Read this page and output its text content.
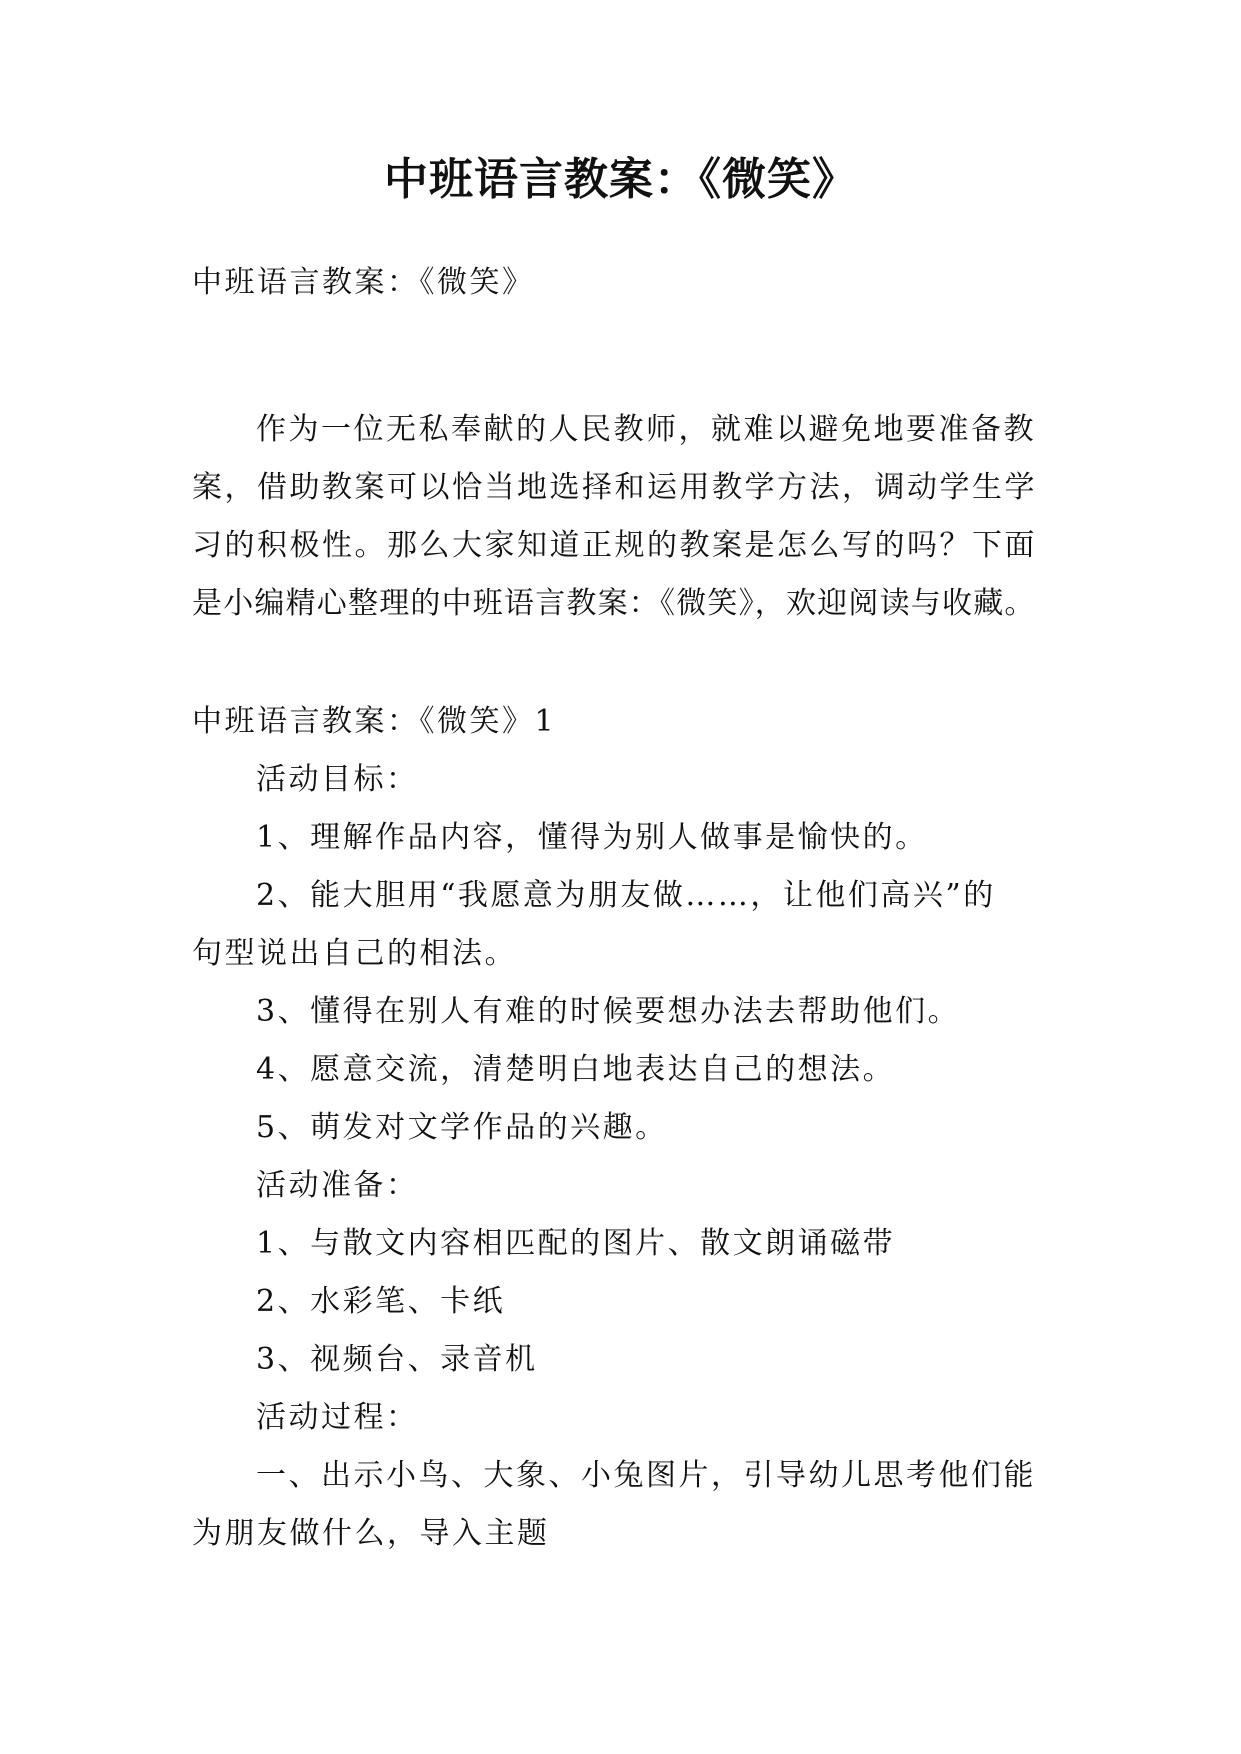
中班语言教案：《微笑》
中班语言教案：《微笑》
作为一位无私奉献的人民教师，就难以避免地要准备教
案，借助教案可以恰当地选择和运用教学方法，调动学生学
习的积极性。那么大家知道正规的教案是怎么写的吗？下面
是小编精心整理的中班语言教案：《微笑》，欢迎阅读与收藏。
中班语言教案：《微笑》1
活动目标：
1、理解作品内容，懂得为别人做事是愉快的。
2、能大胆用“我愿意为朋友做……，让他们高兴”的
句型说出自己的相法。
3、懂得在别人有难的时候要想办法去帮助他们。
4、愿意交流，清楚明白地表达自己的想法。
5、萌发对文学作品的兴趣。
活动准备：
1、与散文内容相匹配的图片、散文朗诵磁带
2、水彩笔、卡纸
3、视频台、录音机
活动过程：
一、出示小鸟、大象、小兔图片，引导幼儿思考他们能
为朋友做什么，导入主题
